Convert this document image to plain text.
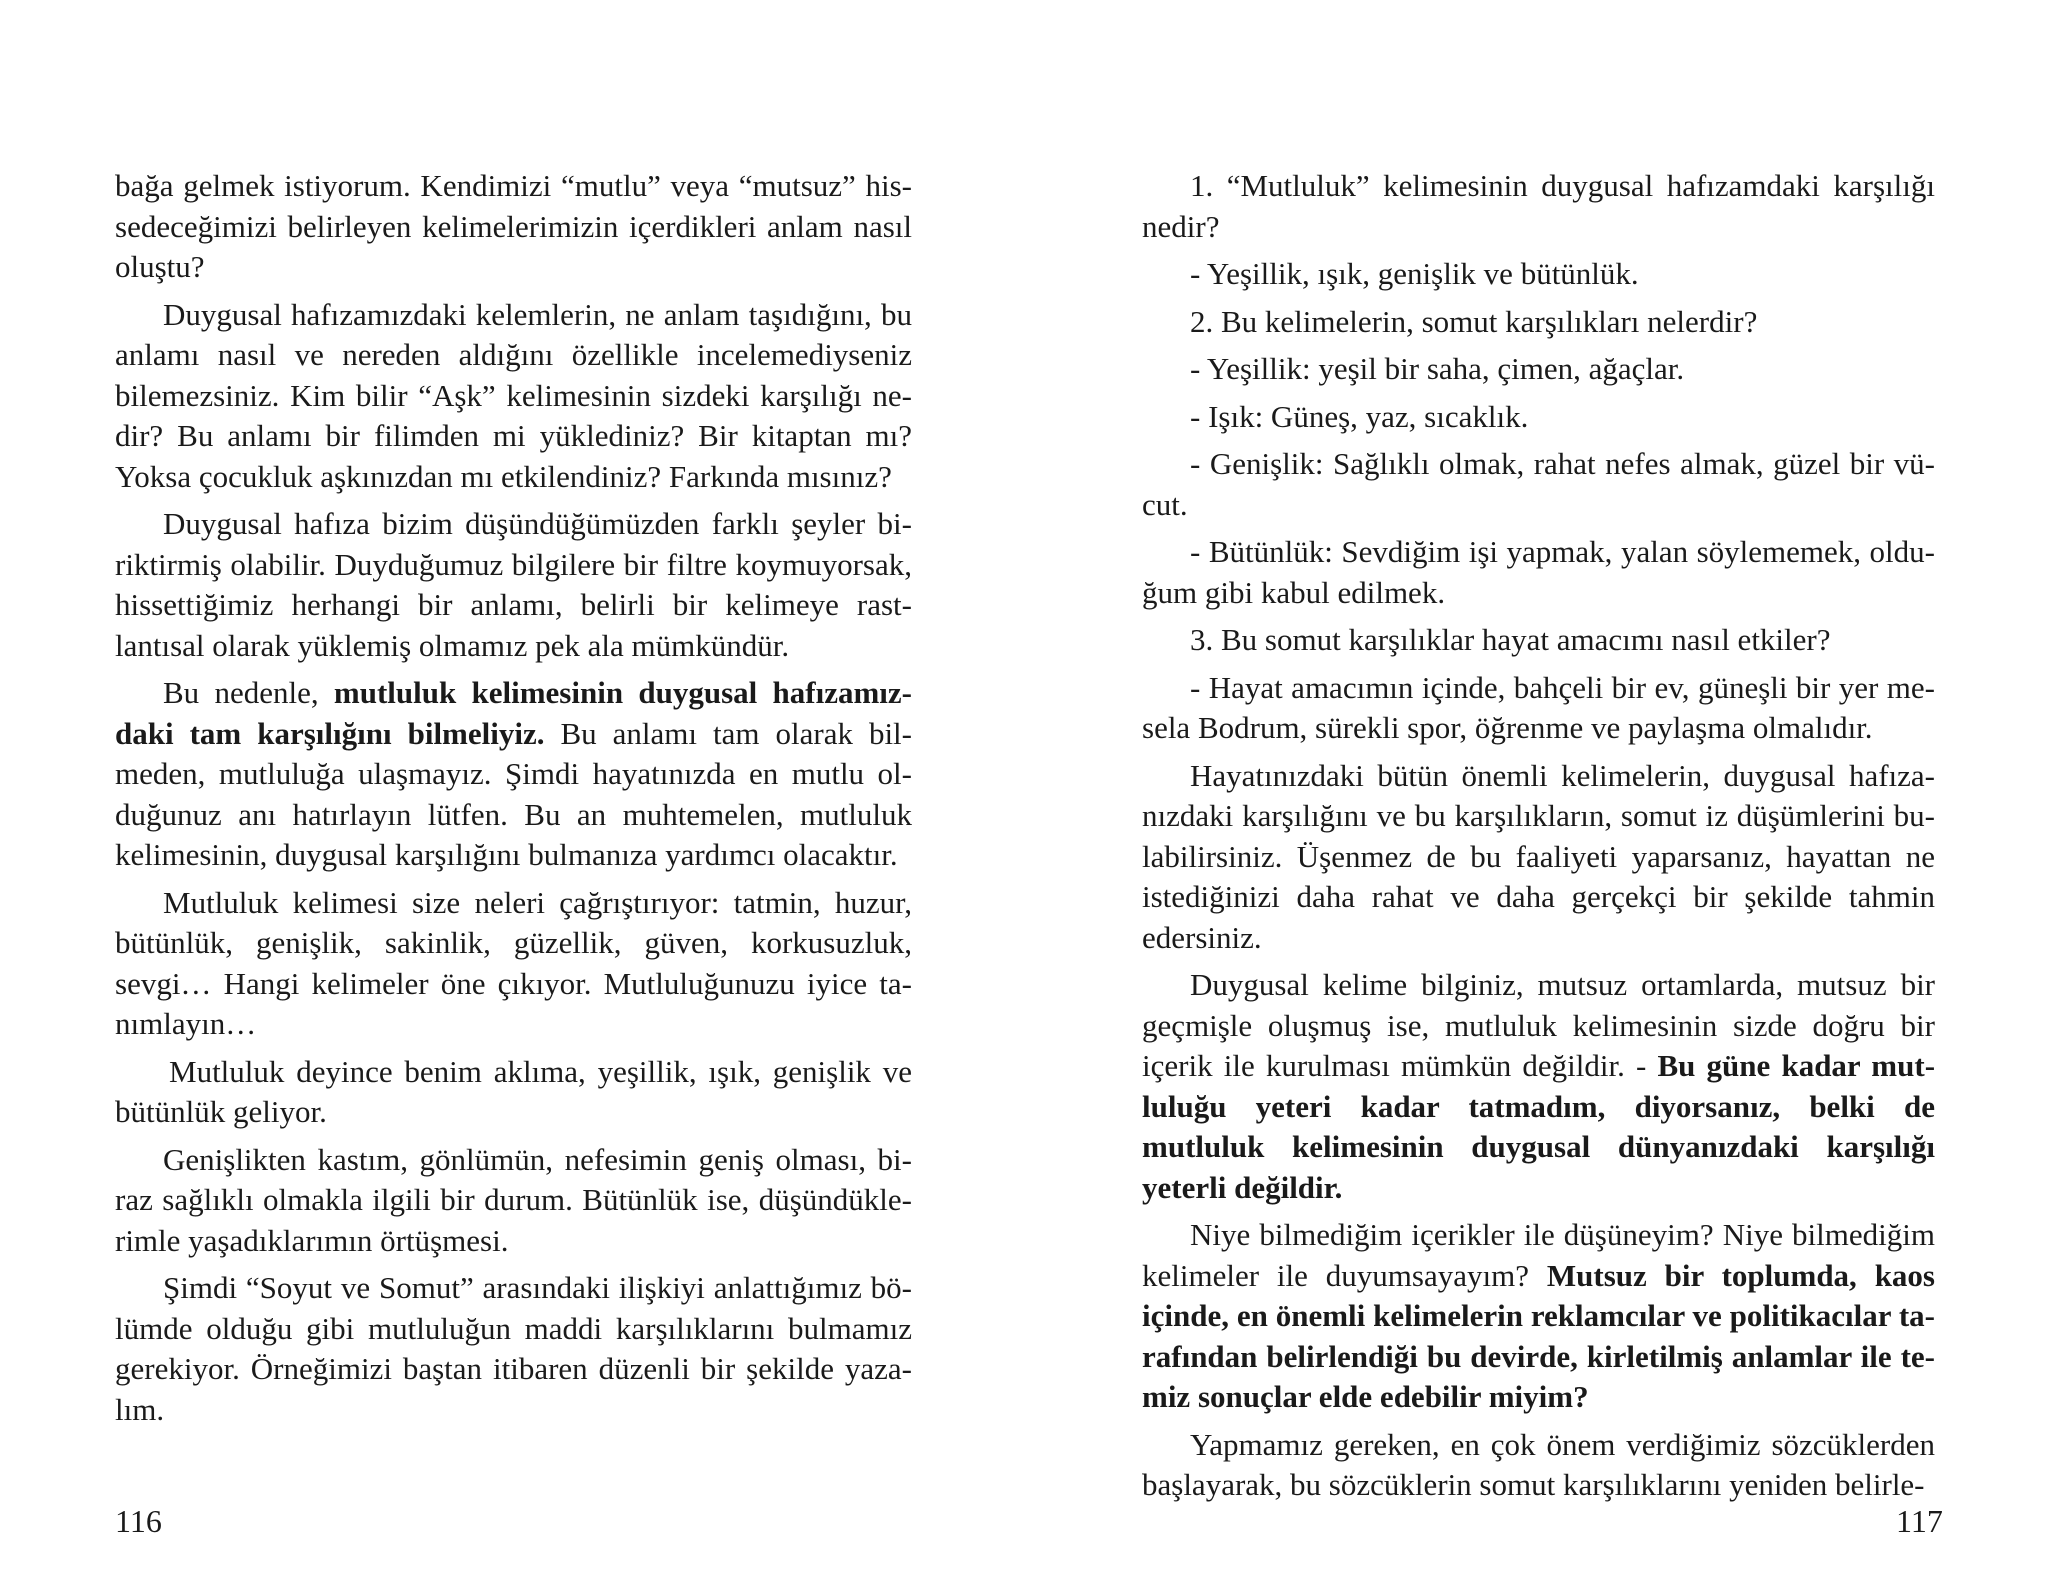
bağa gelmek istiyorum. Kendimizi “mutlu” veya “mutsuz” hissedeceğimizi belirleyen kelimelerimizin içerdikleri anlam nasıl oluştu?

Duygusal hafızamızdaki kelemlerin, ne anlam taşıdığını, bu anlamı nasıl ve nereden aldığını özellikle incelemediyseniz bilemezsiniz. Kim bilir “Aşk” kelimesinin sizdeki karşılığı nedir? Bu anlamı bir filimden mi yüklediniz? Bir kitaptan mı? Yoksa çocukluk aşkınızdan mı etkilendiniz? Farkında mısınız?

Duygusal hafıza bizim düşündüğümüzden farklı şeyler biriktirmiş olabilir. Duyduğumuz bilgilere bir filtre koymuyorsak, hissettiğimiz herhangi bir anlamı, belirli bir kelimeye rastlantısal olarak yüklemiş olmamız pek ala mümkündür.

Bu nedenle, mutluluk kelimesinin duygusal hafızamızdaki tam karşılığını bilmeliyiz. Bu anlamı tam olarak bilmeden, mutluluğa ulaşmayız. Şimdi hayatınızda en mutlu olduğunuz anı hatırlayın lütfen. Bu an muhtemelen, mutluluk kelimesinin, duygusal karşılığını bulmanıza yardımcı olacaktır.

Mutluluk kelimesi size neleri çağrıştırıyor: tatmin, huzur, bütünlük, genişlik, sakinlik, güzellik, güven, korkusuzluk, sevgi… Hangi kelimeler öne çıkıyor. Mutluluğunuzu iyice tanımlayın…

Mutluluk deyince benim aklıma, yeşillik, ışık, genişlik ve bütünlük geliyor.

Genişlikten kastım, gönlümün, nefesimin geniş olması, biraz sağlıklı olmakla ilgili bir durum. Bütünlük ise, düşündüklerimle yaşadıklarımın örtüşmesi.

Şimdi “Soyut ve Somut” arasındaki ilişkiyi anlattığımız bölümde olduğu gibi mutluluğun maddi karşılıklarını bulmamız gerekiyor. Örneğimizi baştan itibaren düzenli bir şekilde yazalım.

116

1. “Mutluluk” kelimesinin duygusal hafızamdaki karşılığı nedir?

- Yeşillik, ışık, genişlik ve bütünlük.

2. Bu kelimelerin, somut karşılıkları nelerdir?

- Yeşillik: yeşil bir saha, çimen, ağaçlar.

- Işık: Güneş, yaz, sıcaklık.

- Genişlik: Sağlıklı olmak, rahat nefes almak, güzel bir vücut.

- Bütünlük: Sevdiğim işi yapmak, yalan söylememek, olduğum gibi kabul edilmek.

3. Bu somut karşılıklar hayat amacımı nasıl etkiler?

- Hayat amacımın içinde, bahçeli bir ev, güneşli bir yer mesela Bodrum, sürekli spor, öğrenme ve paylaşma olmalıdır.

Hayatınızdaki bütün önemli kelimelerin, duygusal hafızanızdaki karşılığını ve bu karşılıkların, somut iz düşümlerini bulabilirsiniz. Üşenmez de bu faaliyeti yaparsanız, hayattan ne istediğinizi daha rahat ve daha gerçekçi bir şekilde tahmin edersiniz.

Duygusal kelime bilginiz, mutsuz ortamlarda, mutsuz bir geçmişle oluşmuş ise, mutluluk kelimesinin sizde doğru bir içerik ile kurulması mümkün değildir. - Bu güne kadar mutluluğu yeteri kadar tatmadım, diyorsanız, belki de mutluluk kelimesinin duygusal dünyanızdaki karşılığı yeterli değildir.

Niye bilmediğim içerikler ile düşüneyim? Niye bilmediğim kelimeler ile duyumsayayım? Mutsuz bir toplumda, kaos içinde, en önemli kelimelerin reklamcılar ve politikacılar tarafından belirlendiği bu devirde, kirletilmiş anlamlar ile temiz sonuçlar elde edebilir miyim?

Yapmamız gereken, en çok önem verdiğimiz sözcüklerden başlayarak, bu sözcüklerin somut karşılıklarını yeniden belirle-

117
